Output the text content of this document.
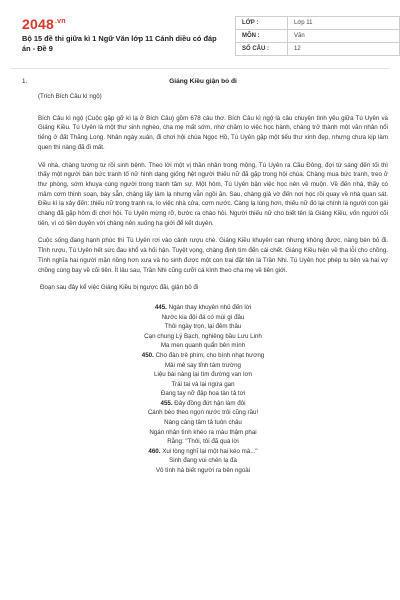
$2048^{.vn}$
Bộ 15 đề thi giữa kì 1 Ngữ Văn lớp 11 Cánh diều có đáp án - Đề 9
LỚP :	Lớp 11
MÔN :	Văn
SỐ CÂU :	12
1.	Giáng Kiều giận bỏ đi

(Trích Bích Câu kì ngộ)

Bích Câu kì ngộ (Cuộc gặp gỡ kì lạ ở Bích Câu) gồm 678 câu thơ. Bích Câu kì ngộ là câu chuyện tình yêu giữa Tú Uyên và Giáng Kiều. Tú Uyên là một thư sinh nghèo, cha mẹ mất sớm, nhờ chăm lo việc học hành, chàng trở thành một văn nhân nổi tiếng ở đất Thăng Long. Nhân ngày xuân, đi chơi hội chùa Ngọc Hồ, Tú Uyên gặp một tiểu thư xinh đẹp, nhưng chưa kịp làm quen thì nàng đã đi mất.

Về nhà, chàng tương tư rồi sinh bệnh. Theo lời một vị thần nhân trong mộng, Tú Uyên ra Cầu Đông, đợi từ sáng đến tối thì thấy một người bán bức tranh tố nữ hình dạng giống hệt người thiếu nữ đã gặp trong hội chùa. Chàng mua bức tranh, treo ở thư phòng, sớm khuya cúng người trong tranh tâm sự. Một hôm, Tú Uyên bận việc học nên về muộn. Về đến nhà, thấy có mâm cơm thịnh soạn, bày sẵn, chàng lấy làm lạ nhưng vẫn ngồi ăn. Sau, chàng giả vờ đến nơi học rồi quay về nhà quan sát. Điều kì lạ xảy đến: thiếu nữ trong tranh ra, lo việc nhà cửa, cơm nước. Càng lạ lùng hơn, thiếu nữ đó lại chính là người con gái chàng đã gặp hôm đi chơi hội. Tú Uyên mừng rỡ, bước ra chào hỏi. Người thiếu nữ cho biết tên là Giáng Kiều, vốn người cõi tiên, vì có tiền duyên với chàng nên xuống hạ giới để kết duyên.

Cuộc sống đang hạnh phúc thì Tú Uyên rơi vào cảnh rượu chè. Giáng Kiều khuyên can nhưng không được, nàng bèn bỏ đi. Tỉnh rượu, Tú Uyên hết sức đau khổ và hối hận. Tuyệt vọng, chàng định tìm đến cái chết. Giáng Kiều hiện về tha lỗi cho chồng. Tình nghĩa hai người mặn nồng hơn xưa và họ sinh được một con trai đặt tên là Trần Nhi. Tú Uyên học phép tu tiên và hai vợ chồng cùng bay về cõi tiên. Ít lâu sau, Trần Nhi cũng cưỡi cá kình theo cha mẹ về tiên giới.

Đoạn sau đây kể việc Giáng Kiều bị ngược đãi, giận bỏ đi

445. Ngán thay khuyên nhủ đến lời
Nước kia đội đá có mùi gì đâu
Thôi ngày trọn, lại đêm thâu
Cạn chung Lý Bạch, nghiêng bầu Lưu Linh
Ma men quanh quẩn bên mình
450. Cho đàn trẻ phim, cho bình nhạt hương
Mải mê say tỉnh tám trường
Liệu bài nàng lại tìm đường van lơn
Trái tai và lại ngứa gan
Đang tay nỡ đập hoa tàn tả tơi
455. Đây đồng đứt hận làm đôi
Cánh bèo theo ngọn nước trôi cũng rầu!
Nàng càng tâm tả tuôn châu
Ngán nhân tình khéo ra màu thậm phai
Rằng: "Thôi, tôi đã quá lời
460. Xui lòng nghĩ lại một hai kéo mà..."
Sinh đang vui chén lạ đà
Vô tình há biết người ra bên ngoài
